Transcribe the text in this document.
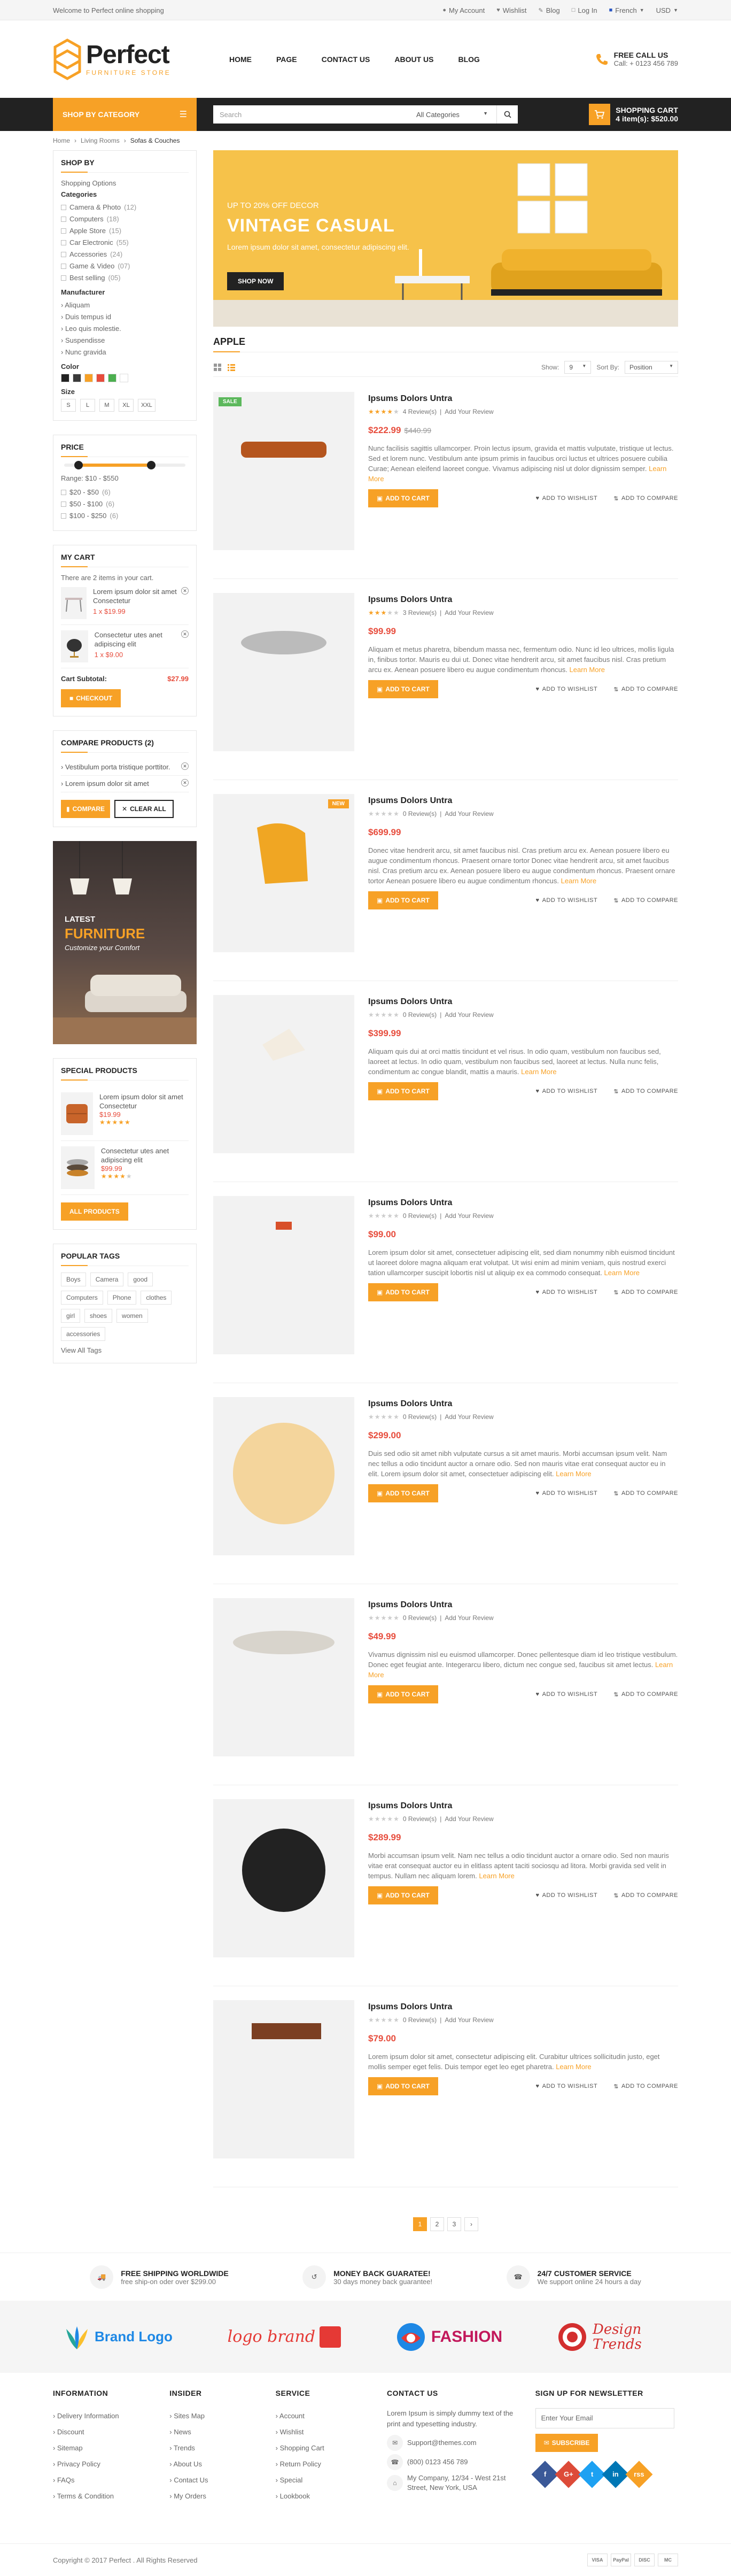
Welcome to Perfect online shopping	● My Account ♥ Wishlist ✎ Blog □ Log In ■ French ▼ USD ▼
Perfect
FURNITURE STORE
HOME	PAGE	CONTACT US	ABOUT US	BLOG	FREE CALL US
Call: + 0123 456 789
SHOP BY CATEGORY	☰	Search	All Categories	▼	SHOPPING CART
4 item(s): $520.00
Home › Living Rooms › Sofas & Couches
SHOP BY
Shopping Options
Categories
Camera & Photo (12)
Computers (18)
Apple Store (15)
Car Electronic (55)
Accessories (24)
Game & Video (07)
Best selling (05)
Manufacturer
› Aliquam
› Duis tempus id
› Leo quis molestie.
› Suspendisse
› Nunc gravida
Color
Size
S	L	M	XL	XXL
PRICE
Range: $10 - $550
$20 - $50 (6)
$50 - $100 (6)
$100 - $250 (6)
MY CART
There are 2 items in your cart.
Lorem ipsum dolor sit amet Consectetur
1 x $19.99
✕
Consectetur utes anet adipiscing elit
1 x $9.00
✕
Cart Subtotal:	$27.99
■ CHECKOUT
COMPARE PRODUCTS (2)
› Vestibulum porta tristique porttitor.	✕
› Lorem ipsum dolor sit amet	✕
▮ COMPARE	✕ CLEAR ALL
LATEST
FURNITURE
Customize your Comfort
SPECIAL PRODUCTS
Lorem ipsum dolor sit amet Consectetur
$19.99
★★★★★
Consectetur utes anet adipiscing elit
$99.99
★★★★★
ALL PRODUCTS
POPULAR TAGS
Boys	Camera	good
Computers	Phone	clothes
girl	shoes	women
accessories
View All Tags
UP TO 20% OFF DECOR
VINTAGE CASUAL
Lorem ipsum dolor sit amet, consectetur adipiscing elit.
SHOP NOW
APPLE
Show: 9 ▼ Sort By: Position	▼
SALE	Ipsums Dolors Untra
★★★★★ 4 Review(s) | Add Your Review
$222.99 $440.99
Nunc facilisis sagittis ullamcorper. Proin lectus ipsum, gravida et mattis vulputate, tristique ut lectus. Sed et lorem nunc. Vestibulum ante ipsum primis in faucibus orci luctus et ultrices posuere cubilia Curae; Aenean eleifend laoreet congue. Vivamus adipiscing nisl ut dolor dignissim semper. Learn More
▣ ADD TO CART	♥ ADD TO WISHLIST	⇅ ADD TO COMPARE
Ipsums Dolors Untra
★★★★★ 3 Review(s) | Add Your Review
$99.99
Aliquam et metus pharetra, bibendum massa nec, fermentum odio. Nunc id leo ultrices, mollis ligula in, finibus tortor. Mauris eu dui ut. Donec vitae hendrerit arcu, sit amet faucibus nisl. Cras pretium arcu ex. Aenean posuere libero eu augue condimentum rhoncus. Learn More
▣ ADD TO CART	♥ ADD TO WISHLIST	⇅ ADD TO COMPARE
NEW	Ipsums Dolors Untra
★★★★★ 0 Review(s) | Add Your Review
$699.99
Donec vitae hendrerit arcu, sit amet faucibus nisl. Cras pretium arcu ex. Aenean posuere libero eu augue condimentum rhoncus. Praesent ornare tortor Donec vitae hendrerit arcu, sit amet faucibus nisl. Cras pretium arcu ex. Aenean posuere libero eu augue condimentum rhoncus. Praesent ornare tortor Aenean posuere libero eu augue condimentum rhoncus. Learn More
▣ ADD TO CART	♥ ADD TO WISHLIST	⇅ ADD TO COMPARE
Ipsums Dolors Untra
★★★★★ 0 Review(s) | Add Your Review
$399.99
Aliquam quis dui at orci mattis tincidunt et vel risus. In odio quam, vestibulum non faucibus sed, laoreet at lectus. In odio quam, vestibulum non faucibus sed, laoreet at lectus. Nulla nunc felis, condimentum ac congue blandit, mattis a mauris. Learn More
▣ ADD TO CART	♥ ADD TO WISHLIST	⇅ ADD TO COMPARE
Ipsums Dolors Untra
★★★★★ 0 Review(s) | Add Your Review
$99.00
Lorem ipsum dolor sit amet, consectetuer adipiscing elit, sed diam nonummy nibh euismod tincidunt ut laoreet dolore magna aliquam erat volutpat. Ut wisi enim ad minim veniam, quis nostrud exerci tation ullamcorper suscipit lobortis nisl ut aliquip ex ea commodo consequat. Learn More
▣ ADD TO CART	♥ ADD TO WISHLIST	⇅ ADD TO COMPARE
Ipsums Dolors Untra
★★★★★ 0 Review(s) | Add Your Review
$299.00
Duis sed odio sit amet nibh vulputate cursus a sit amet mauris. Morbi accumsan ipsum velit. Nam nec tellus a odio tincidunt auctor a ornare odio. Sed non mauris vitae erat consequat auctor eu in elit. Lorem ipsum dolor sit amet, consectetuer adipiscing elit. Learn More
▣ ADD TO CART	♥ ADD TO WISHLIST	⇅ ADD TO COMPARE
Ipsums Dolors Untra
★★★★★ 0 Review(s) | Add Your Review
$49.99
Vivamus dignissim nisl eu euismod ullamcorper. Donec pellentesque diam id leo tristique vestibulum. Donec eget feugiat ante. Integerarcu libero, dictum nec congue sed, faucibus sit amet lectus. Learn More
▣ ADD TO CART	♥ ADD TO WISHLIST	⇅ ADD TO COMPARE
Ipsums Dolors Untra
★★★★★ 0 Review(s) | Add Your Review
$289.99
Morbi accumsan ipsum velit. Nam nec tellus a odio tincidunt auctor a ornare odio. Sed non mauris vitae erat consequat auctor eu in elitlass aptent taciti sociosqu ad litora. Morbi gravida sed velit in tempus. Nullam nec aliquam lorem. Learn More
▣ ADD TO CART	♥ ADD TO WISHLIST	⇅ ADD TO COMPARE
Ipsums Dolors Untra
★★★★★ 0 Review(s) | Add Your Review
$79.00
Lorem ipsum dolor sit amet, consectetur adipiscing elit. Curabitur ultrices sollicitudin justo, eget mollis semper eget felis. Duis tempor eget leo eget pharetra. Learn More
▣ ADD TO CART	♥ ADD TO WISHLIST	⇅ ADD TO COMPARE
1	2	3	›
🚚	FREE SHIPPING WORLDWIDE
free ship-on oder over $299.00
↺	MONEY BACK GUARATEE!
30 days money back guarantee!
☎	24/7 CUSTOMER SERVICE
We support online 24 hours a day
Brand Logo	logo brand	FASHION	Design Trends
INFORMATION
› Delivery Information
› Discount
› Sitemap
› Privacy Policy
› FAQs
› Terms & Condition
INSIDER
› Sites Map
› News
› Trends
› About Us
› Contact Us
› My Orders
SERVICE
› Account
› Wishlist
› Shopping Cart
› Return Policy
› Special
› Lookbook
CONTACT US
Lorem Ipsum is simply dummy text of the print and typesetting industry.
✉	Support@themes.com
☎	(800) 0123 456 789
⌂
My Company, 12/34 - West 21st Street, New York, USA
SIGN UP FOR NEWSLETTER
Enter Your Email
✉ SUBSCRIBE
f	G+	t	in rss
Copyright © 2017 Perfect . All Rights Reserved	VISA	PayPal	DISC	MC
